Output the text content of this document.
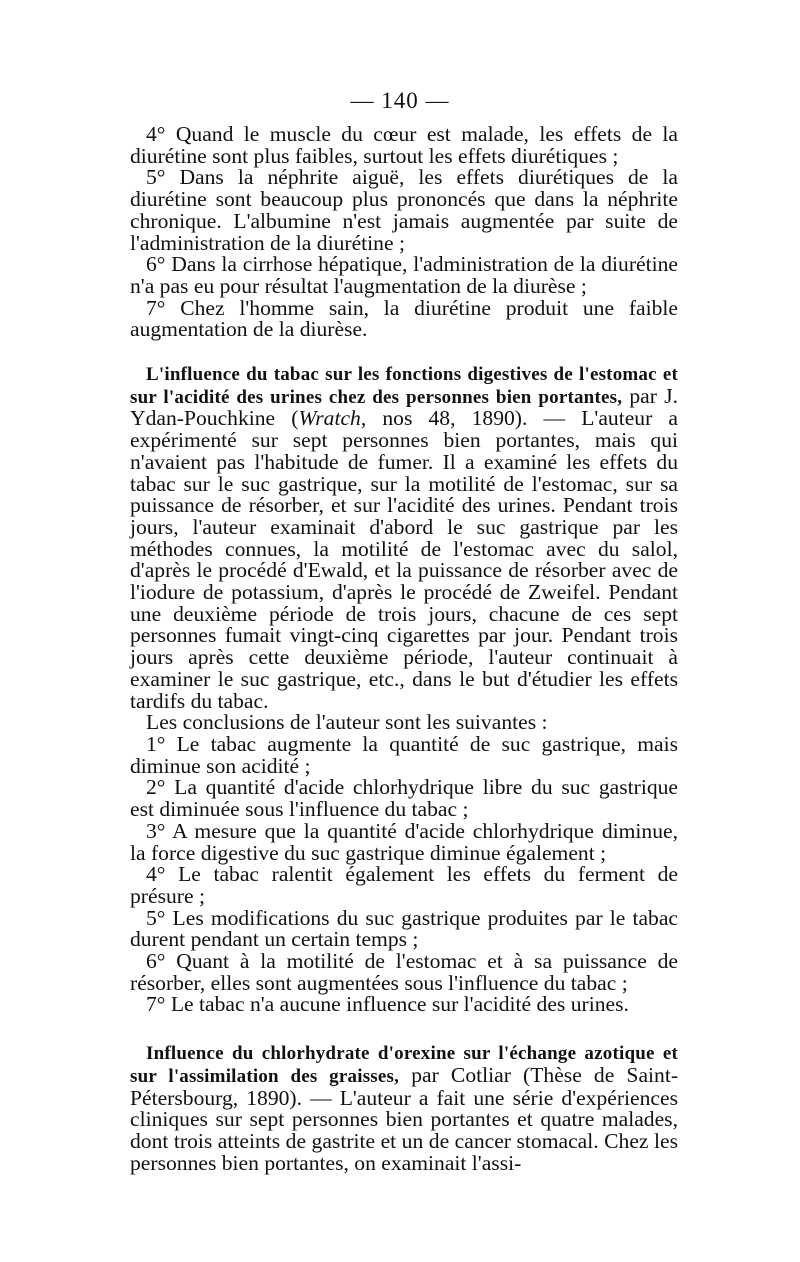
— 140 —

4° Quand le muscle du cœur est malade, les effets de la diurétine sont plus faibles, surtout les effets diurétiques ;

5° Dans la néphrite aiguë, les effets diurétiques de la diurétine sont beaucoup plus prononcés que dans la néphrite chronique. L'albumine n'est jamais augmentée par suite de l'administration de la diurétine ;

6° Dans la cirrhose hépatique, l'administration de la diurétine n'a pas eu pour résultat l'augmentation de la diurèse ;

7° Chez l'homme sain, la diurétine produit une faible augmentation de la diurèse.

L'influence du tabac sur les fonctions digestives de l'estomac et sur l'acidité des urines chez des personnes bien portantes, par J. Ydan-Pouchkine (Wratch, nos 48, 1890). — L'auteur a expérimenté sur sept personnes bien portantes, mais qui n'avaient pas l'habitude de fumer. Il a examiné les effets du tabac sur le suc gastrique, sur la motilité de l'estomac, sur sa puissance de résorber, et sur l'acidité des urines. Pendant trois jours, l'auteur examinait d'abord le suc gastrique par les méthodes connues, la motilité de l'estomac avec du salol, d'après le procédé d'Ewald, et la puissance de résorber avec de l'iodure de potassium, d'après le procédé de Zweifel. Pendant une deuxième période de trois jours, chacune de ces sept personnes fumait vingt-cinq cigarettes par jour. Pendant trois jours après cette deuxième période, l'auteur continuait à examiner le suc gastrique, etc., dans le but d'étudier les effets tardifs du tabac.

Les conclusions de l'auteur sont les suivantes :

1° Le tabac augmente la quantité de suc gastrique, mais diminue son acidité ;

2° La quantité d'acide chlorhydrique libre du suc gastrique est diminuée sous l'influence du tabac ;

3° A mesure que la quantité d'acide chlorhydrique diminue, la force digestive du suc gastrique diminue également ;

4° Le tabac ralentit également les effets du ferment de présure ;

5° Les modifications du suc gastrique produites par le tabac durent pendant un certain temps ;

6° Quant à la motilité de l'estomac et à sa puissance de résorber, elles sont augmentées sous l'influence du tabac ;

7° Le tabac n'a aucune influence sur l'acidité des urines.

Influence du chlorhydrate d'orexine sur l'échange azotique et sur l'assimilation des graisses, par Cotliar (Thèse de Saint-Pétersbourg, 1890). — L'auteur a fait une série d'expériences cliniques sur sept personnes bien portantes et quatre malades, dont trois atteints de gastrite et un de cancer stomacal. Chez les personnes bien portantes, on examinait l'assi-
